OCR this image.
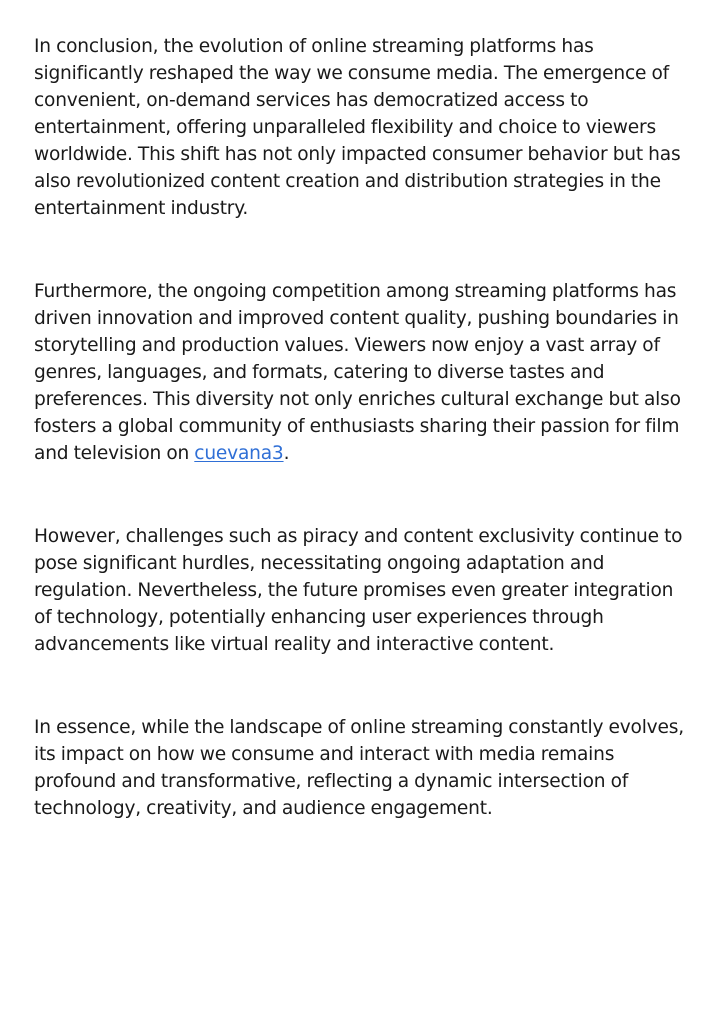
In conclusion, the evolution of online streaming platforms has significantly reshaped the way we consume media. The emergence of convenient, on-demand services has democratized access to entertainment, offering unparalleled flexibility and choice to viewers worldwide. This shift has not only impacted consumer behavior but has also revolutionized content creation and distribution strategies in the entertainment industry.

Furthermore, the ongoing competition among streaming platforms has driven innovation and improved content quality, pushing boundaries in storytelling and production values. Viewers now enjoy a vast array of genres, languages, and formats, catering to diverse tastes and preferences. This diversity not only enriches cultural exchange but also fosters a global community of enthusiasts sharing their passion for film and television on cuevana3.

However, challenges such as piracy and content exclusivity continue to pose significant hurdles, necessitating ongoing adaptation and regulation. Nevertheless, the future promises even greater integration of technology, potentially enhancing user experiences through advancements like virtual reality and interactive content.

In essence, while the landscape of online streaming constantly evolves, its impact on how we consume and interact with media remains profound and transformative, reflecting a dynamic intersection of technology, creativity, and audience engagement.
